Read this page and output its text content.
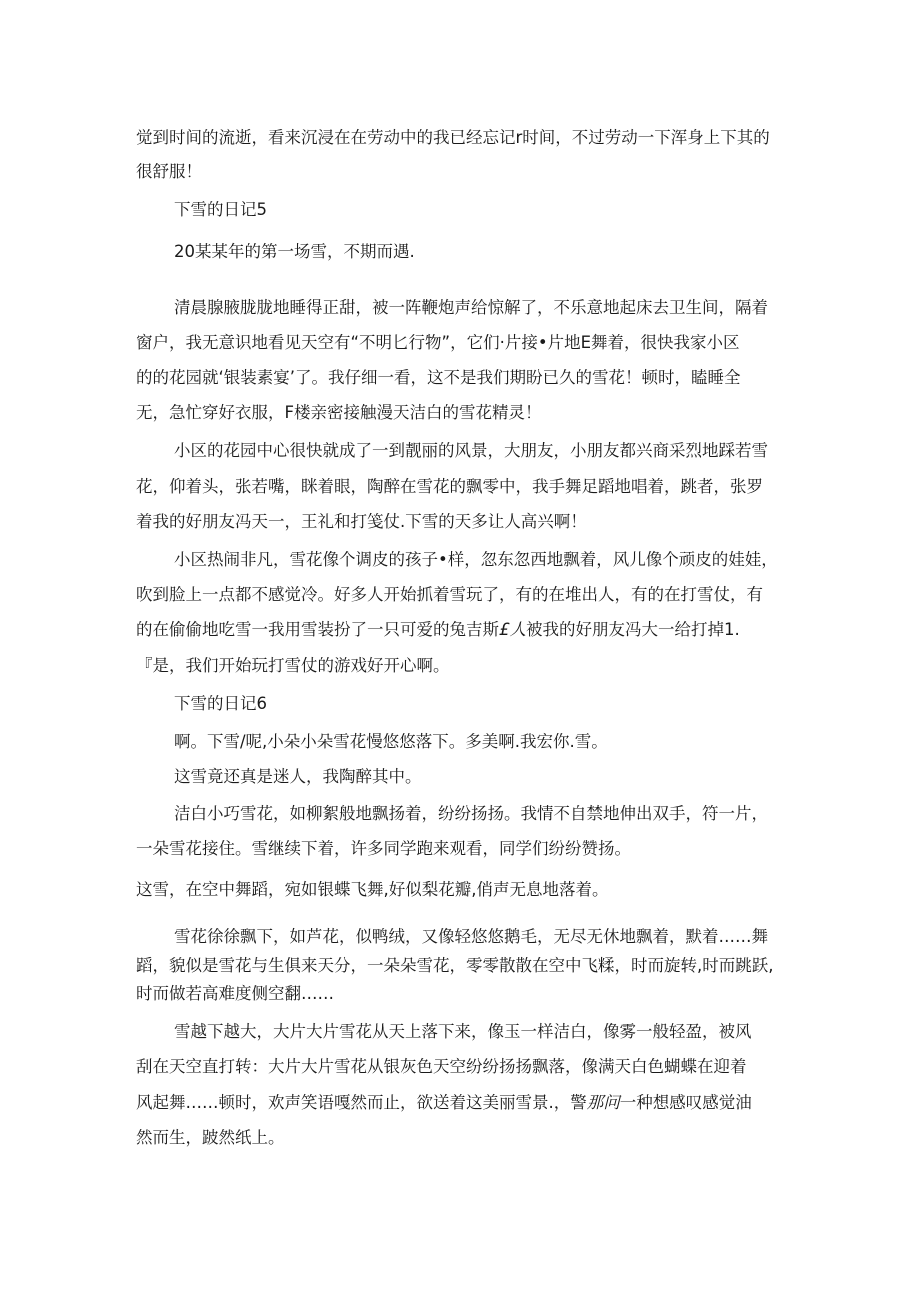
觉到时间的流逝，看来沉浸在在劳动中的我已经忘记r时间，不过劳动一下浑身上下其的
很舒服！
下雪的日记5
20某某年的第一场雪，不期而遇.
清晨腺腋胧胧地睡得正甜，被一阵鞭炮声给惊解了，不乐意地起床去卫生间，隔着
窗户，我无意识地看见天空有“不明匕行物”，它们·片接•片地E舞着，很快我家小区
的的花园就‘银装素宴’了。我仔细一看，这不是我们期盼已久的雪花！顿时，瞌睡全
无，急忙穿好衣服，F楼亲密接触漫天洁白的雪花精灵！
小区的花园中心很快就成了一到靓丽的风景，大朋友，小朋友都兴商采烈地踩若雪
花，仰着头，张若嘴，眯着眼，陶醉在雪花的飘零中，我手舞足蹈地唱着，跳者，张罗
着我的好朋友冯天一，王礼和打笺仗.下雪的天多让人高兴啊！
小区热闹非凡，雪花像个调皮的孩子•样，忽东忽西地飘着，风儿像个顽皮的娃娃，
吹到脸上一点都不感觉冷。好多人开始抓着雪玩了，有的在堆出人，有的在打雪仗，有
的在偷偷地吃雪一我用雪装扮了一只可爱的兔吉斯£人被我的好朋友冯大一给打掉1.
『是，我们开始玩打雪仗的游戏好开心啊。
下雪的日记6
啊。下雪/呢,小朵小朵雪花慢悠悠落下。多美啊.我宏你.雪。
这雪竟还真是迷人，我陶醉其中。
洁白小巧雪花，如柳絮般地飘扬着，纷纷扬扬。我情不自禁地伸出双手，符一片，
一朵雪花接住。雪继续下着，许多同学跑来观看，同学们纷纷赞扬。
这雪，在空中舞蹈，宛如银蝶飞舞,好似梨花瓣,俏声无息地落着。
雪花徐徐飘下，如芦花，似鸭绒，又像轻悠悠鹅毛，无尽无休地飘着，默着……舞
蹈，貌似是雪花与生俱来天分，一朵朵雪花，零零散散在空中飞糅，时而旋转,时而跳跃,
时而做若高难度侧空翻……
雪越下越大，大片大片雪花从天上落下来，像玉一样洁白，像雾一般轻盈，被风
刮在天空直打转：大片大片雪花从银灰色天空纷纷扬扬飘落，像满天白色蝴蝶在迎着
风起舞……顿时，欢声笑语嘎然而止，欲送着这美丽雪景.，警那问一种想感叹感觉油
然而生，跛然纸上。
